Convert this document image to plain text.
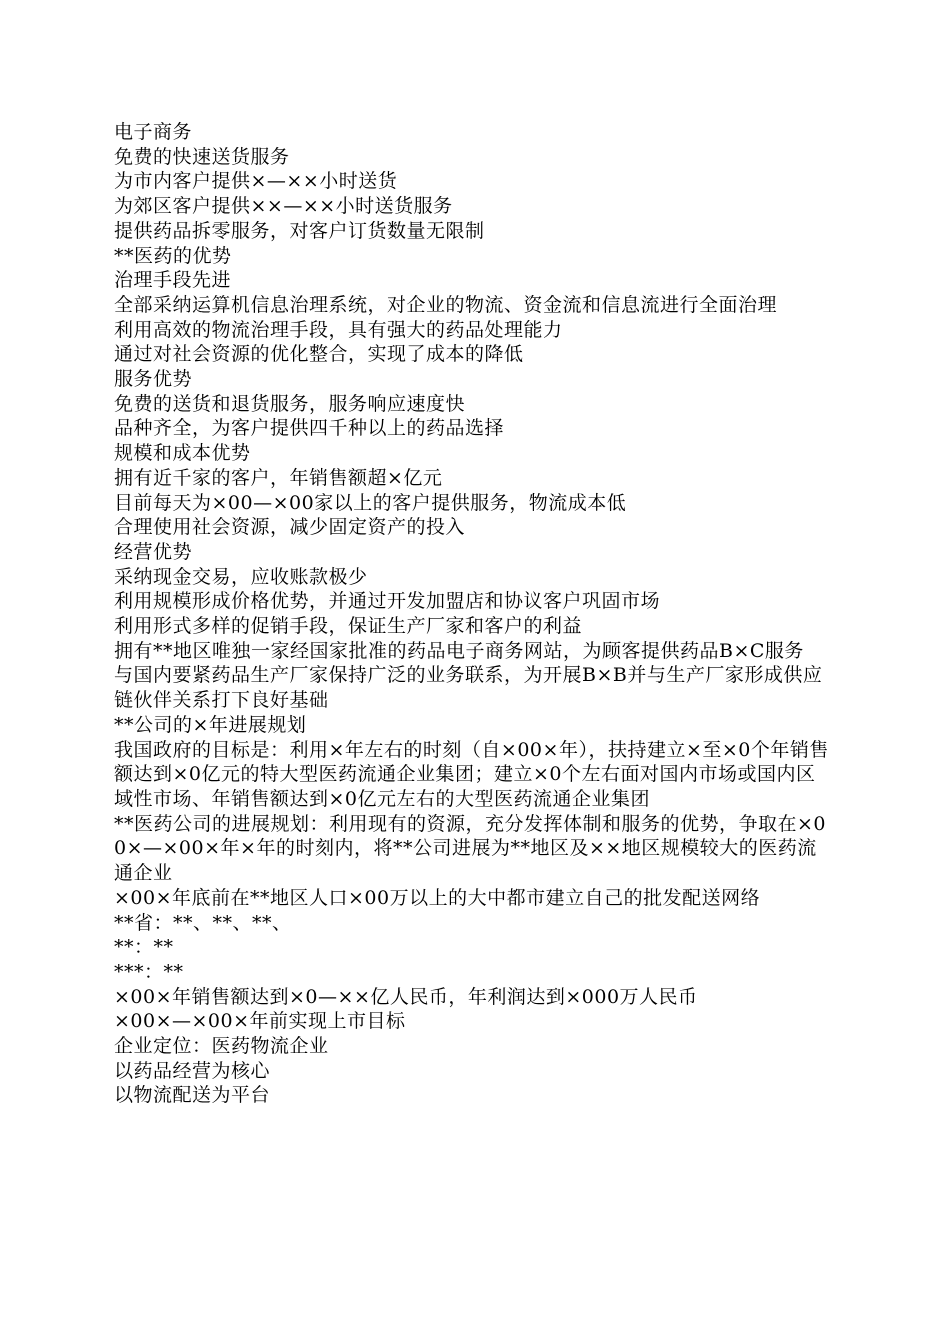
电子商务

免费的快速送货服务

为市内客户提供×—××小时送货

为郊区客户提供××—××小时送货服务

提供药品拆零服务，对客户订货数量无限制

**医药的优势

治理手段先进

全部采纳运算机信息治理系统，对企业的物流、资金流和信息流进行全面治理

利用高效的物流治理手段，具有强大的药品处理能力

通过对社会资源的优化整合，实现了成本的降低

服务优势

免费的送货和退货服务，服务响应速度快

品种齐全，为客户提供四千种以上的药品选择

规模和成本优势

拥有近千家的客户，年销售额超×亿元

目前每天为×00—×00家以上的客户提供服务，物流成本低

合理使用社会资源，减少固定资产的投入

经营优势

采纳现金交易，应收账款极少

利用规模形成价格优势，并通过开发加盟店和协议客户巩固市场

利用形式多样的促销手段，保证生产厂家和客户的利益

拥有**地区唯独一家经国家批准的药品电子商务网站，为顾客提供药品B×C服务

与国内要紧药品生产厂家保持广泛的业务联系，为开展B×B并与生产厂家形成供应链伙伴关系打下良好基础

**公司的×年进展规划

我国政府的目标是：利用×年左右的时刻（自×00×年），扶持建立×至×0个年销售额达到×0亿元的特大型医药流通企业集团；建立×0个左右面对国内市场或国内区域性市场、年销售额达到×0亿元左右的大型医药流通企业集团

**医药公司的进展规划：利用现有的资源，充分发挥体制和服务的优势，争取在×00×—×00×年×年的时刻内，将**公司进展为**地区及××地区规模较大的医药流通企业

×00×年底前在**地区人口×00万以上的大中都市建立自己的批发配送网络

**省：**、**、**、

**：**

***：**

×00×年销售额达到×0—××亿人民币，年利润达到×000万人民币

×00×—×00×年前实现上市目标

企业定位：医药物流企业

以药品经营为核心

以物流配送为平台
